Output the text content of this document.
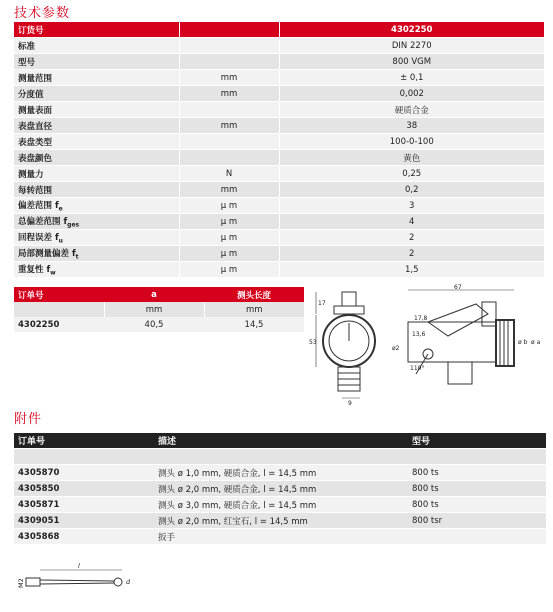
技术参数
订货号		4302250
标准		DIN 2270
型号		800 VGM
测量范围	mm	± 0,1
分度值	mm	0,002
测量表面		硬质合金
表盘直径	mm	38
表盘类型		100-0-100
表盘颜色		黄色
测量力	N	0,25
每转范围	mm	0,2
偏差范围 $f_e$	μ m	3
总偏差范围 $f_{ges}$	μ m	4
回程误差 $f_u$	μ m	2
局部测量偏差 $f_t$	μ m	2
重复性 $f_w$	μ m	1,5
订单号	a	测头长度
	mm	mm
4302250	40,5	14,5
17
53
9
67
17,8
13,6
ø2
ø b ø a
110°
附件
订单号	描述	型号

4305870	测头 ø 1,0 mm, 硬质合金, l = 14,5 mm	800 ts
4305850	测头 ø 2,0 mm, 硬质合金, l = 14,5 mm	800 ts
4305871	测头 ø 3,0 mm, 硬质合金, l = 14,5 mm	800 ts
4309051	测头 ø 2,0 mm, 红宝石, l = 14,5 mm	800 tsr
4305868	扳手	
M2
l
d
